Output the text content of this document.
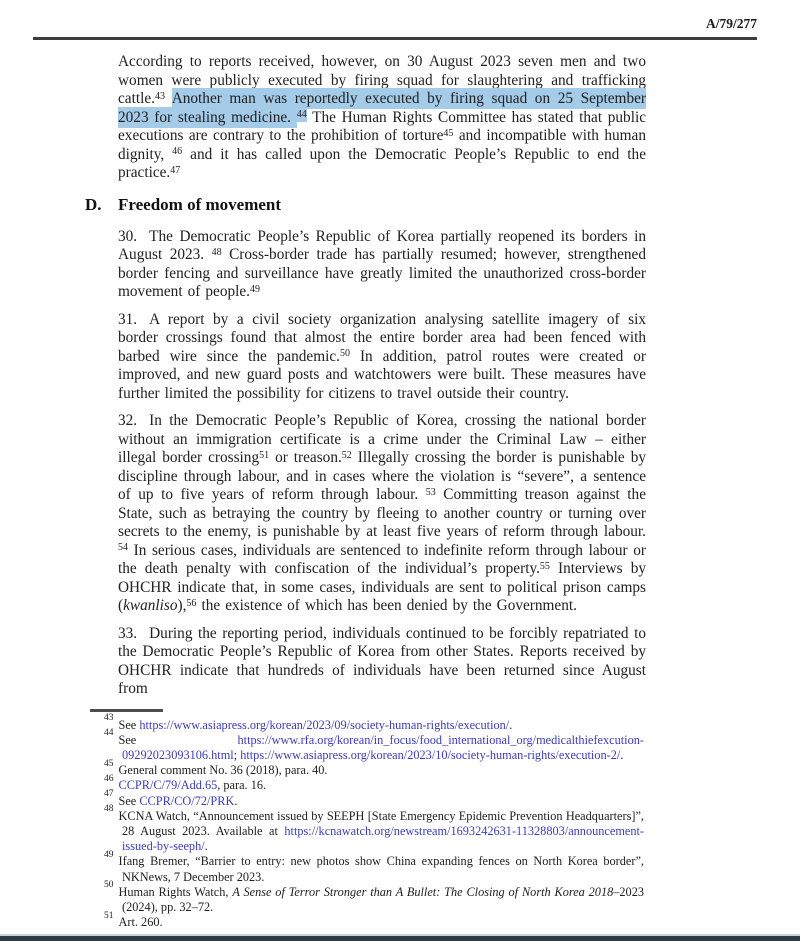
A/79/277

According to reports received, however, on 30 August 2023 seven men and two women were publicly executed by firing squad for slaughtering and trafficking cattle.$^{43}$ Another man was reportedly executed by firing squad on 25 September 2023 for stealing medicine. $^{44}$ The Human Rights Committee has stated that public executions are contrary to the prohibition of torture$^{45}$ and incompatible with human dignity, $^{46}$ and it has called upon the Democratic People’s Republic to end the practice.$^{47}$

D. Freedom of movement

30. The Democratic People’s Republic of Korea partially reopened its borders in August 2023. $^{48}$ Cross-border trade has partially resumed; however, strengthened border fencing and surveillance have greatly limited the unauthorized cross-border movement of people.$^{49}$

31. A report by a civil society organization analysing satellite imagery of six border crossings found that almost the entire border area had been fenced with barbed wire since the pandemic.$^{50}$ In addition, patrol routes were created or improved, and new guard posts and watchtowers were built. These measures have further limited the possibility for citizens to travel outside their country.

32. In the Democratic People’s Republic of Korea, crossing the national border without an immigration certificate is a crime under the Criminal Law – either illegal border crossing$^{51}$ or treason.$^{52}$ Illegally crossing the border is punishable by discipline through labour, and in cases where the violation is “severe”, a sentence of up to five years of reform through labour. $^{53}$ Committing treason against the State, such as betraying the country by fleeing to another country or turning over secrets to the enemy, is punishable by at least five years of reform through labour. $^{54}$ In serious cases, individuals are sentenced to indefinite reform through labour or the death penalty with confiscation of the individual’s property.$^{55}$ Interviews by OHCHR indicate that, in some cases, individuals are sent to political prison camps (kwanliso),$^{56}$ the existence of which has been denied by the Government.

33. During the reporting period, individuals continued to be forcibly repatriated to the Democratic People’s Republic of Korea from other States. Reports received by OHCHR indicate that hundreds of individuals have been returned since August from

$^{43}$ See https://www.asiapress.org/korean/2023/09/society-human-rights/execution/.
$^{44}$ See https://www.rfa.org/korean/in_focus/food_international_org/medicalthiefexcution-09292023093106.html; https://www.asiapress.org/korean/2023/10/society-human-rights/execution-2/.
$^{45}$ General comment No. 36 (2018), para. 40.
$^{46}$ CCPR/C/79/Add.65, para. 16.
$^{47}$ See CCPR/CO/72/PRK.
$^{48}$ KCNA Watch, “Announcement issued by SEEPH [State Emergency Epidemic Prevention Headquarters]”, 28 August 2023. Available at https://kcnawatch.org/newstream/1693242631-11328803/announcement-issued-by-seeph/.
$^{49}$ Ifang Bremer, “Barrier to entry: new photos show China expanding fences on North Korea border”, NKNews, 7 December 2023.
$^{50}$ Human Rights Watch, A Sense of Terror Stronger than A Bullet: The Closing of North Korea 2018–2023 (2024), pp. 32–72.
$^{51}$ Art. 260.
